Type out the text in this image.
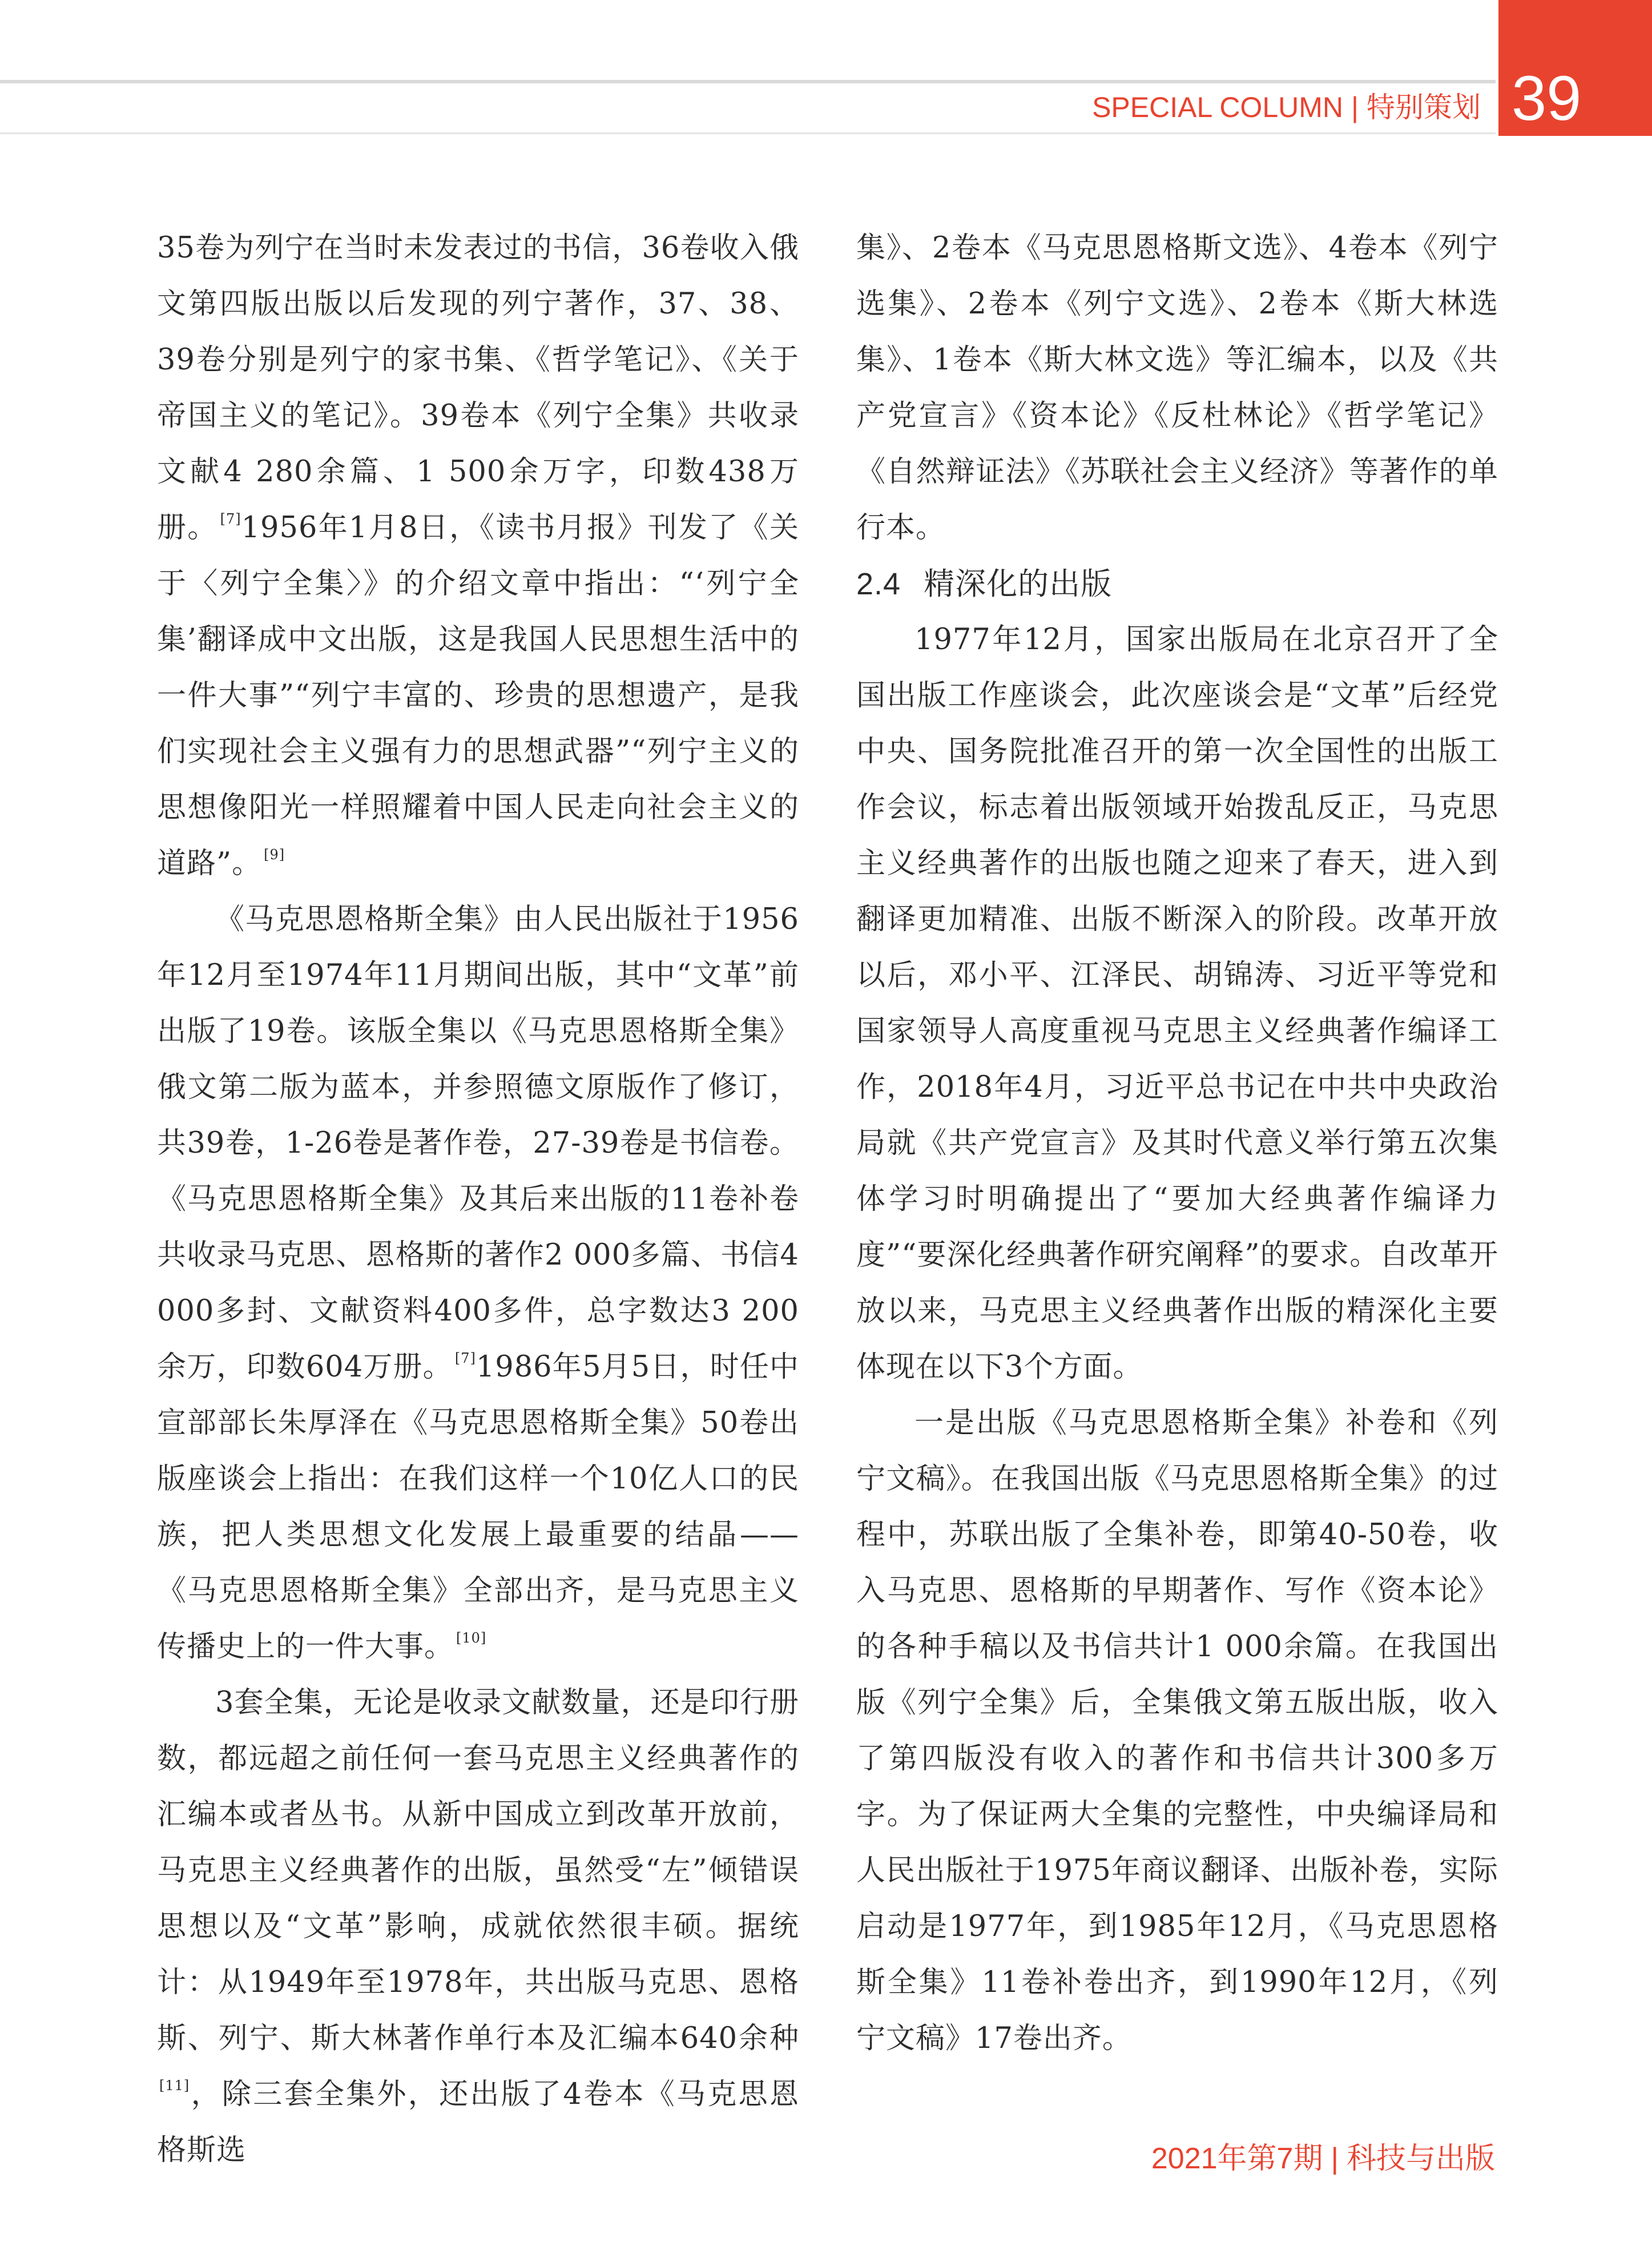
SPECIAL COLUMN | 特别策划 39

35卷为列宁在当时未发表过的书信，36卷收入俄文第四版出版以后发现的列宁著作，37、38、39卷分别是列宁的家书集、《哲学笔记》、《关于帝国主义的笔记》。39卷本《列宁全集》共收录文献4 280余篇、1 500余万字，印数438万册。 [7]1956年1月8日，《读书月报》刊发了《关于〈列宁全集〉》的介绍文章中指出：“‘列宁全集’翻译成中文出版，这是我国人民思想生活中的一件大事”“列宁丰富的、珍贵的思想遗产，是我们实现社会主义强有力的思想武器”“列宁主义的思想像阳光一样照耀着中国人民走向社会主义的道路”。 [9]

《马克思恩格斯全集》由人民出版社于1956年12月至1974年11月期间出版，其中“文革”前出版了19卷。该版全集以《马克思恩格斯全集》俄文第二版为蓝本，并参照德文原版作了修订，共39卷，1-26卷是著作卷，27-39卷是书信卷。《马克思恩格斯全集》及其后来出版的11卷补卷共收录马克思、恩格斯的著作2 000多篇、书信4 000多封、文献资料400多件，总字数达3 200余万，印数604万册。 [7]1986年5月5日，时任中宣部部长朱厚泽在《马克思恩格斯全集》50卷出版座谈会上指出：在我们这样一个10亿人口的民族，把人类思想文化发展上最重要的结晶——《马克思恩格斯全集》全部出齐，是马克思主义传播史上的一件大事。 [10]

3套全集，无论是收录文献数量，还是印行册数，都远超之前任何一套马克思主义经典著作的汇编本或者丛书。从新中国成立到改革开放前，马克思主义经典著作的出版，虽然受“左”倾错误思想以及“文革”影响，成就依然很丰硕。据统计：从1949年至1978年，共出版马克思、恩格斯、列宁、斯大林著作单行本及汇编本640余种[11]，除三套全集外，还出版了4卷本《马克思恩格斯选

集》、2卷本《马克思恩格斯文选》、4卷本《列宁选集》、2卷本《列宁文选》、2卷本《斯大林选集》、1卷本《斯大林文选》等汇编本，以及《共产党宣言》《资本论》《反杜林论》《哲学笔记》《自然辩证法》《苏联社会主义经济》等著作的单行本。

2.4 精深化的出版

1977年12月，国家出版局在北京召开了全国出版工作座谈会，此次座谈会是“文革”后经党中央、国务院批准召开的第一次全国性的出版工作会议，标志着出版领域开始拨乱反正，马克思主义经典著作的出版也随之迎来了春天，进入到翻译更加精准、出版不断深入的阶段。改革开放以后，邓小平、江泽民、胡锦涛、习近平等党和国家领导人高度重视马克思主义经典著作编译工作，2018年4月，习近平总书记在中共中央政治局就《共产党宣言》及其时代意义举行第五次集体学习时明确提出了“要加大经典著作编译力度”“要深化经典著作研究阐释”的要求。自改革开放以来，马克思主义经典著作出版的精深化主要体现在以下3个方面。

一是出版《马克思恩格斯全集》补卷和《列宁文稿》。在我国出版《马克思恩格斯全集》的过程中，苏联出版了全集补卷，即第40-50卷，收入马克思、恩格斯的早期著作、写作《资本论》的各种手稿以及书信共计1 000余篇。在我国出版《列宁全集》后，全集俄文第五版出版，收入了第四版没有收入的著作和书信共计300多万字。为了保证两大全集的完整性，中央编译局和人民出版社于1975年商议翻译、出版补卷，实际启动是1977年，到1985年12月，《马克思恩格斯全集》11卷补卷出齐，到1990年12月，《列宁文稿》17卷出齐。

2021年第7期 | 科技与出版
